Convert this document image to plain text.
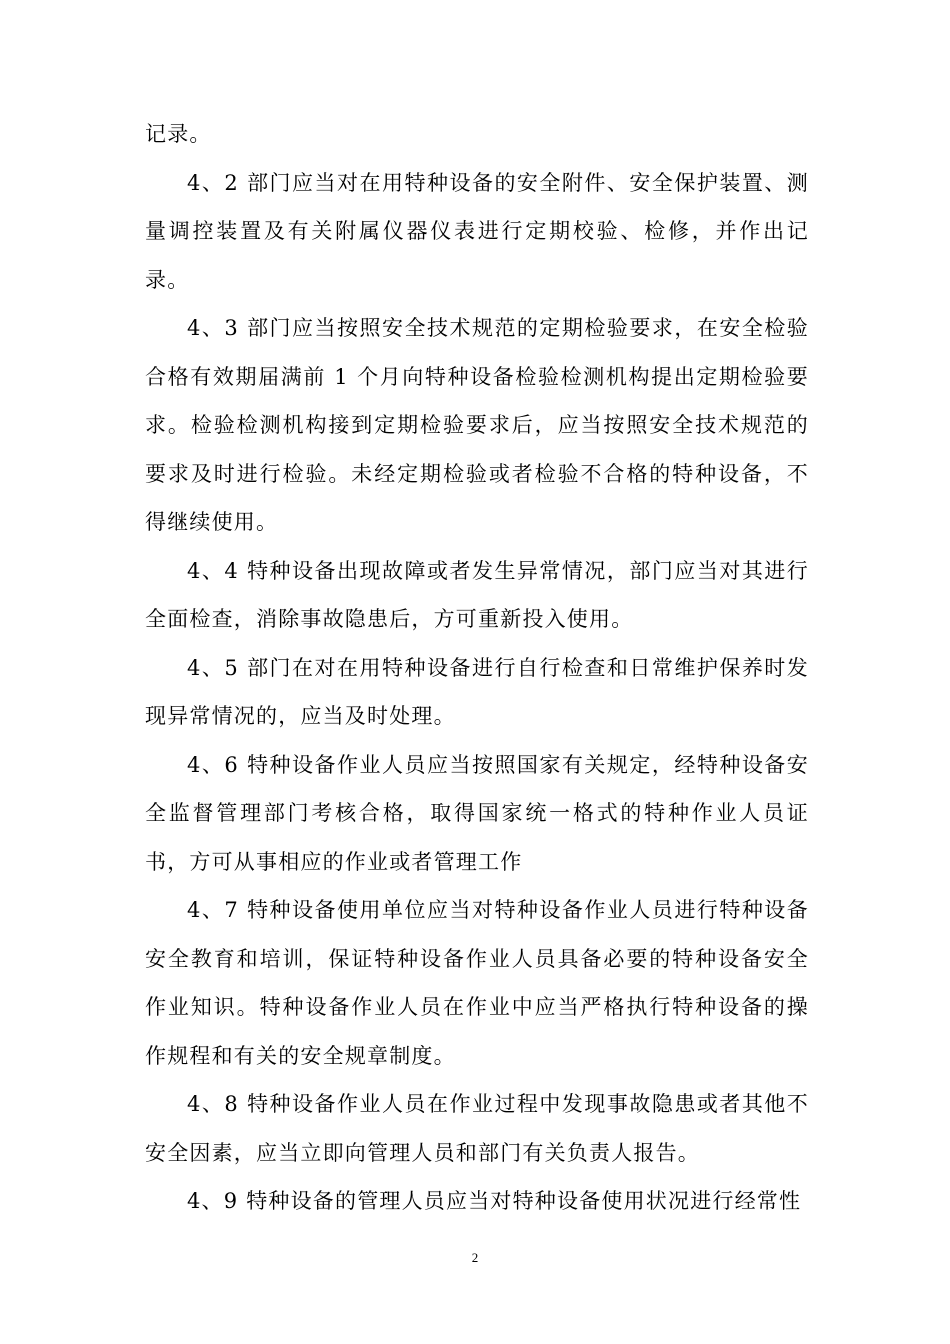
记录。

4、2 部门应当对在用特种设备的安全附件、安全保护装置、测量调控装置及有关附属仪器仪表进行定期校验、检修，并作出记录。

4、3 部门应当按照安全技术规范的定期检验要求，在安全检验合格有效期届满前 1 个月向特种设备检验检测机构提出定期检验要求。检验检测机构接到定期检验要求后，应当按照安全技术规范的要求及时进行检验。未经定期检验或者检验不合格的特种设备，不得继续使用。

4、4 特种设备出现故障或者发生异常情况，部门应当对其进行全面检查，消除事故隐患后，方可重新投入使用。

4、5 部门在对在用特种设备进行自行检查和日常维护保养时发现异常情况的，应当及时处理。

4、6 特种设备作业人员应当按照国家有关规定，经特种设备安全监督管理部门考核合格，取得国家统一格式的特种作业人员证书，方可从事相应的作业或者管理工作

4、7 特种设备使用单位应当对特种设备作业人员进行特种设备安全教育和培训，保证特种设备作业人员具备必要的特种设备安全作业知识。特种设备作业人员在作业中应当严格执行特种设备的操作规程和有关的安全规章制度。

4、8 特种设备作业人员在作业过程中发现事故隐患或者其他不安全因素，应当立即向管理人员和部门有关负责人报告。

4、9 特种设备的管理人员应当对特种设备使用状况进行经常性

2
